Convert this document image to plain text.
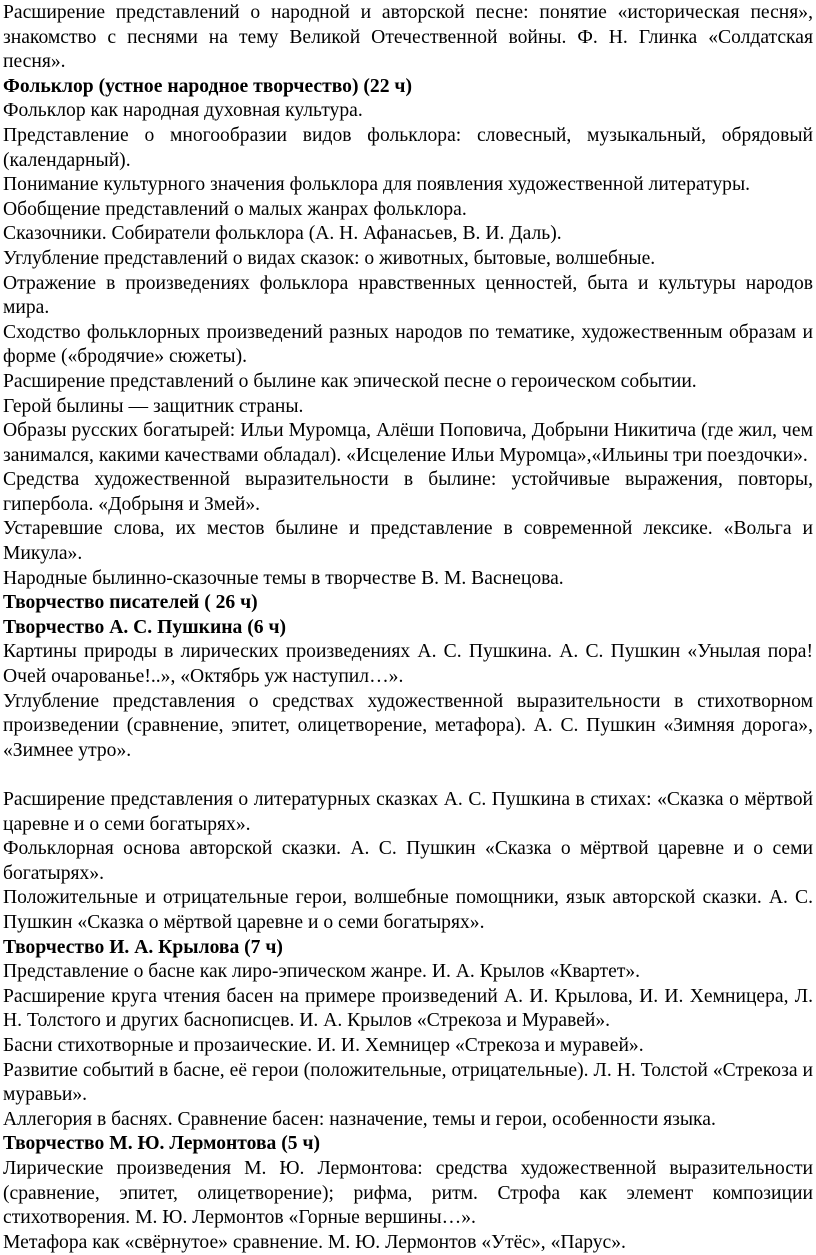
Расширение представлений о народной и авторской песне: понятие «историческая песня», знакомство с песнями на тему Великой Отечественной войны. Ф. Н. Глинка «Солдатская песня».

Фольклор (устное народное творчество) (22 ч)

Фольклор как народная духовная культура.

Представление о многообразии видов фольклора: словесный, музыкальный, обрядовый (календарный).

Понимание культурного значения фольклора для появления художественной литературы.

Обобщение представлений о малых жанрах фольклора.

Сказочники. Собиратели фольклора (А. Н. Афанасьев, В. И. Даль).

Углубление представлений о видах сказок: о животных, бытовые, волшебные.

Отражение в произведениях фольклора нравственных ценностей, быта и культуры народов мира.

Сходство фольклорных произведений разных народов по тематике, художественным образам и форме («бродячие» сюжеты).

Расширение представлений о былине как эпической песне о героическом событии.

Герой былины — защитник страны.

Образы русских богатырей: Ильи Муромца, Алёши Поповича, Добрыни Никитича (где жил, чем занимался, какими качествами обладал). «Исцеление Ильи Муромца»,«Ильины три поездочки».

Средства художественной выразительности в былине: устойчивые выражения, повторы, гипербола. «Добрыня и Змей».

Устаревшие слова, их местов былине и представление в современной лексике. «Вольга и Микула».

Народные былинно-сказочные темы в творчестве В. М. Васнецова.

Творчество писателей ( 26 ч)

Творчество А. С. Пушкина (6 ч)

Картины природы в лирических произведениях А. С. Пушкина. А. С. Пушкин «Унылая пора! Очей очарованье!..», «Октябрь уж наступил…».

Углубление представления о средствах художественной выразительности в стихотворном произведении (сравнение, эпитет, олицетворение, метафора). А. С. Пушкин «Зимняя дорога», «Зимнее утро».

Расширение представления о литературных сказках А. С. Пушкина в стихах: «Сказка о мёртвой царевне и о семи богатырях».

Фольклорная основа авторской сказки. А. С. Пушкин «Сказка о мёртвой царевне и о семи богатырях».

Положительные и отрицательные герои, волшебные помощники, язык авторской сказки. А. С. Пушкин «Сказка о мёртвой царевне и о семи богатырях».

Творчество И. А. Крылова (7 ч)

Представление о басне как лиро-эпическом жанре. И. А. Крылов «Квартет».

Расширение круга чтения басен на примере произведений А. И. Крылова, И. И. Хемницера, Л. Н. Толстого и других баснописцев. И. А. Крылов «Стрекоза и Муравей».

Басни стихотворные и прозаические. И. И. Хемницер «Стрекоза и муравей».

Развитие событий в басне, её герои (положительные, отрицательные). Л. Н. Толстой «Стрекоза и муравьи».

Аллегория в баснях. Сравнение басен: назначение, темы и герои, особенности языка.

Творчество М. Ю. Лермонтова (5 ч)

Лирические произведения М. Ю. Лермонтова: средства художественной выразительности (сравнение, эпитет, олицетворение); рифма, ритм. Строфа как элемент композиции стихотворения. М. Ю. Лермонтов «Горные вершины…».

Метафора как «свёрнутое» сравнение. М. Ю. Лермонтов «Утёс», «Парус».
